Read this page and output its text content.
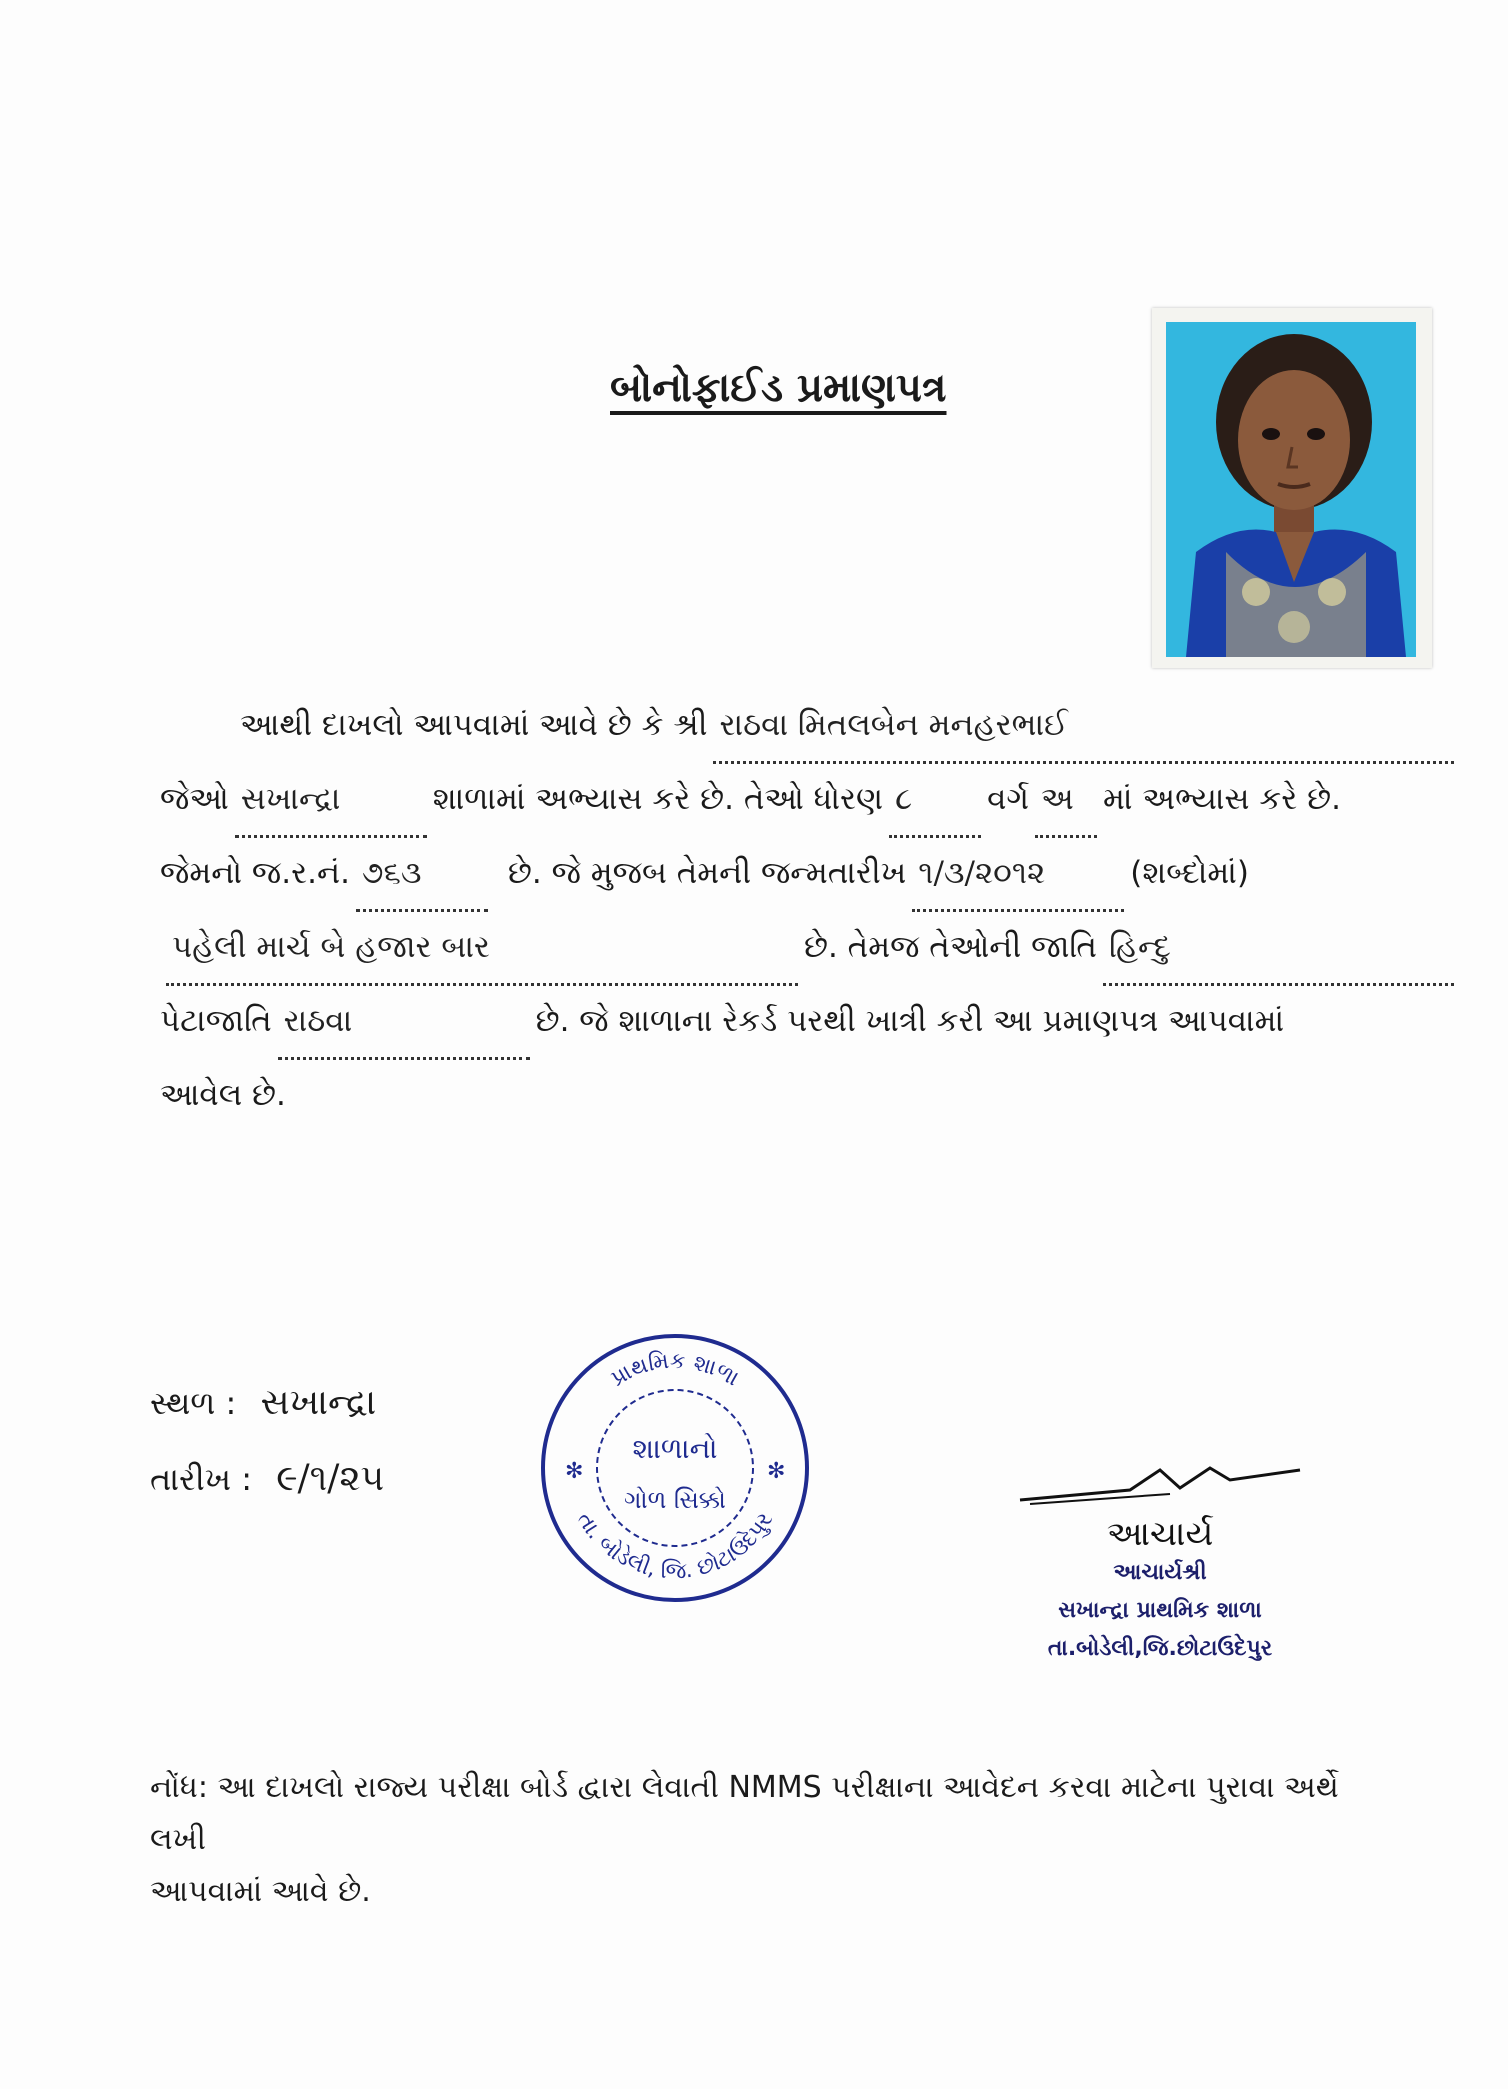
બોનોફાઈડ પ્રમાણપત્ર
આથી દાખલો આપવામાં આવે છે કે શ્રી રાઠવા મિતલબેન મનહરભાઈ
જેઓ સખાન્દ્રા	શાળામાં અભ્યાસ કરે છે. તેઓ ધોરણ ૮	વર્ગ અ માં અભ્યાસ કરે છે.
જેમનો જ.ર.નં. ૭૬૩	છે. જે મુજબ તેમની જન્મતારીખ ૧/૩/૨૦૧૨	(શબ્દોમાં)
પહેલી માર્ચ બે હજાર બાર	છે. તેમજ તેઓની જાતિ હિન્દુ
પેટાજાતિ રાઠવા	છે. જે શાળાના રેકર્ડ પરથી ખાત્રી કરી આ પ્રમાણપત્ર આપવામાં
આવેલ છે.
સ્થળ : સખાન્દ્રા
તારીખ : ૯/૧/૨૫
પ્રાથમિક શાળા
તા. બોડેલી, જિ. છોટાઉદેપુર
શાળાનો
ગોળ સિક્કો
✻	✻
આચાર્ય
આચાર્યશ્રી
સખાન્દ્રા પ્રાથમિક શાળા
તા.બોડેલી,જિ.છોટાઉદેપુર
નોંધ: આ દાખલો રાજ્ય પરીક્ષા બોર્ડ દ્વારા લેવાતી NMMS પરીક્ષાના આવેદન કરવા માટેના પુરાવા અર્થે લખી
આપવામાં આવે છે.
